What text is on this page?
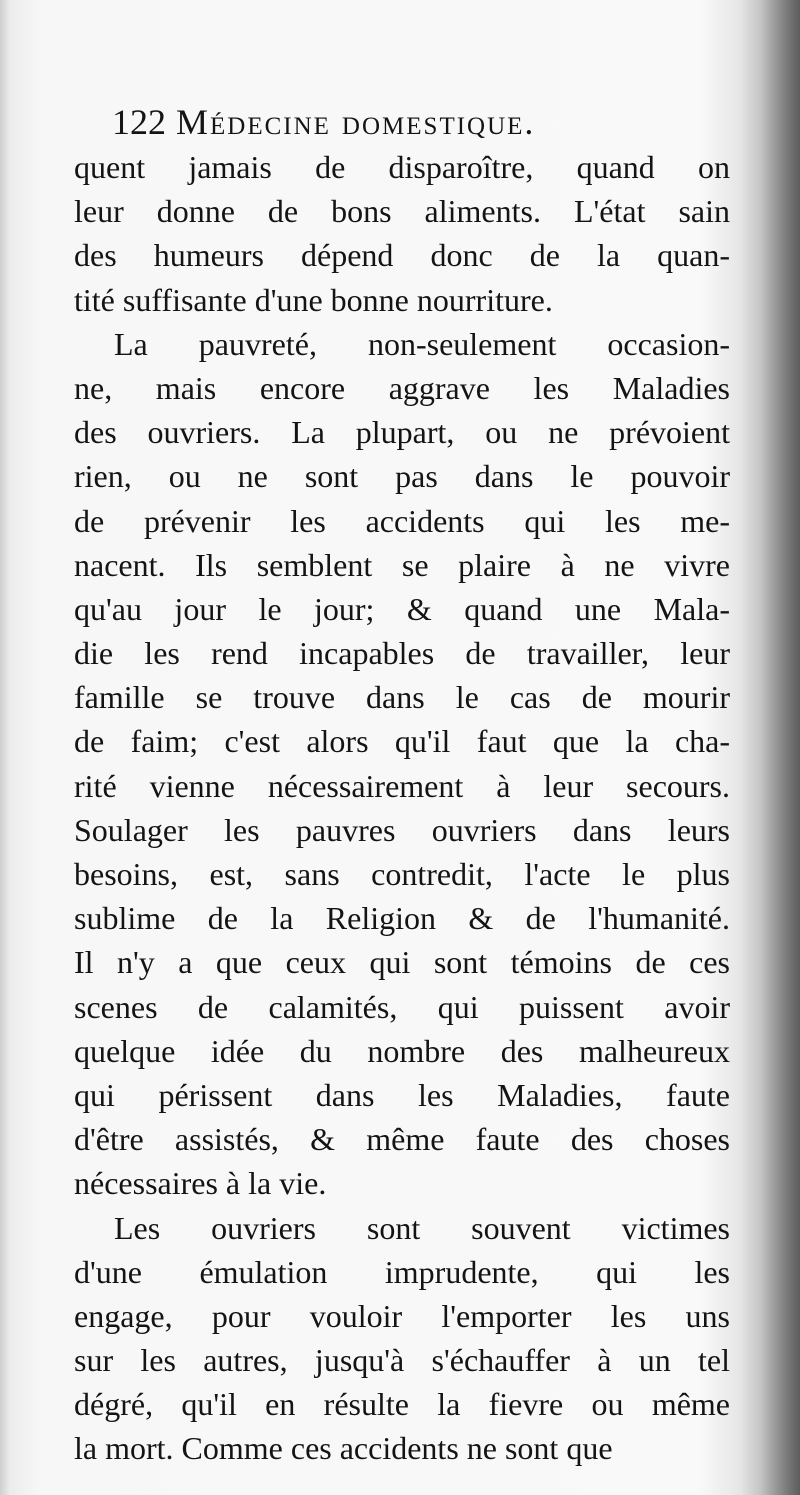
122 Médecine domestique.
quent jamais de disparoître, quand on
leur donne de bons aliments. L'état sain
des humeurs dépend donc de la quan-
tité suffisante d'une bonne nourriture.
La pauvreté, non-seulement occasion-
ne, mais encore aggrave les Maladies
des ouvriers. La plupart, ou ne prévoient
rien, ou ne sont pas dans le pouvoir
de prévenir les accidents qui les me-
nacent. Ils semblent se plaire à ne vivre
qu'au jour le jour; & quand une Mala-
die les rend incapables de travailler, leur
famille se trouve dans le cas de mourir
de faim; c'est alors qu'il faut que la cha-
rité vienne nécessairement à leur secours.
Soulager les pauvres ouvriers dans leurs
besoins, est, sans contredit, l'acte le plus
sublime de la Religion & de l'humanité.
Il n'y a que ceux qui sont témoins de ces
scenes de calamités, qui puissent avoir
quelque idée du nombre des malheureux
qui périssent dans les Maladies, faute
d'être assistés, & même faute des choses
nécessaires à la vie.
Les ouvriers sont souvent victimes
d'une émulation imprudente, qui les
engage, pour vouloir l'emporter les uns
sur les autres, jusqu'à s'échauffer à un tel
dégré, qu'il en résulte la fievre ou même
la mort. Comme ces accidents ne sont que
